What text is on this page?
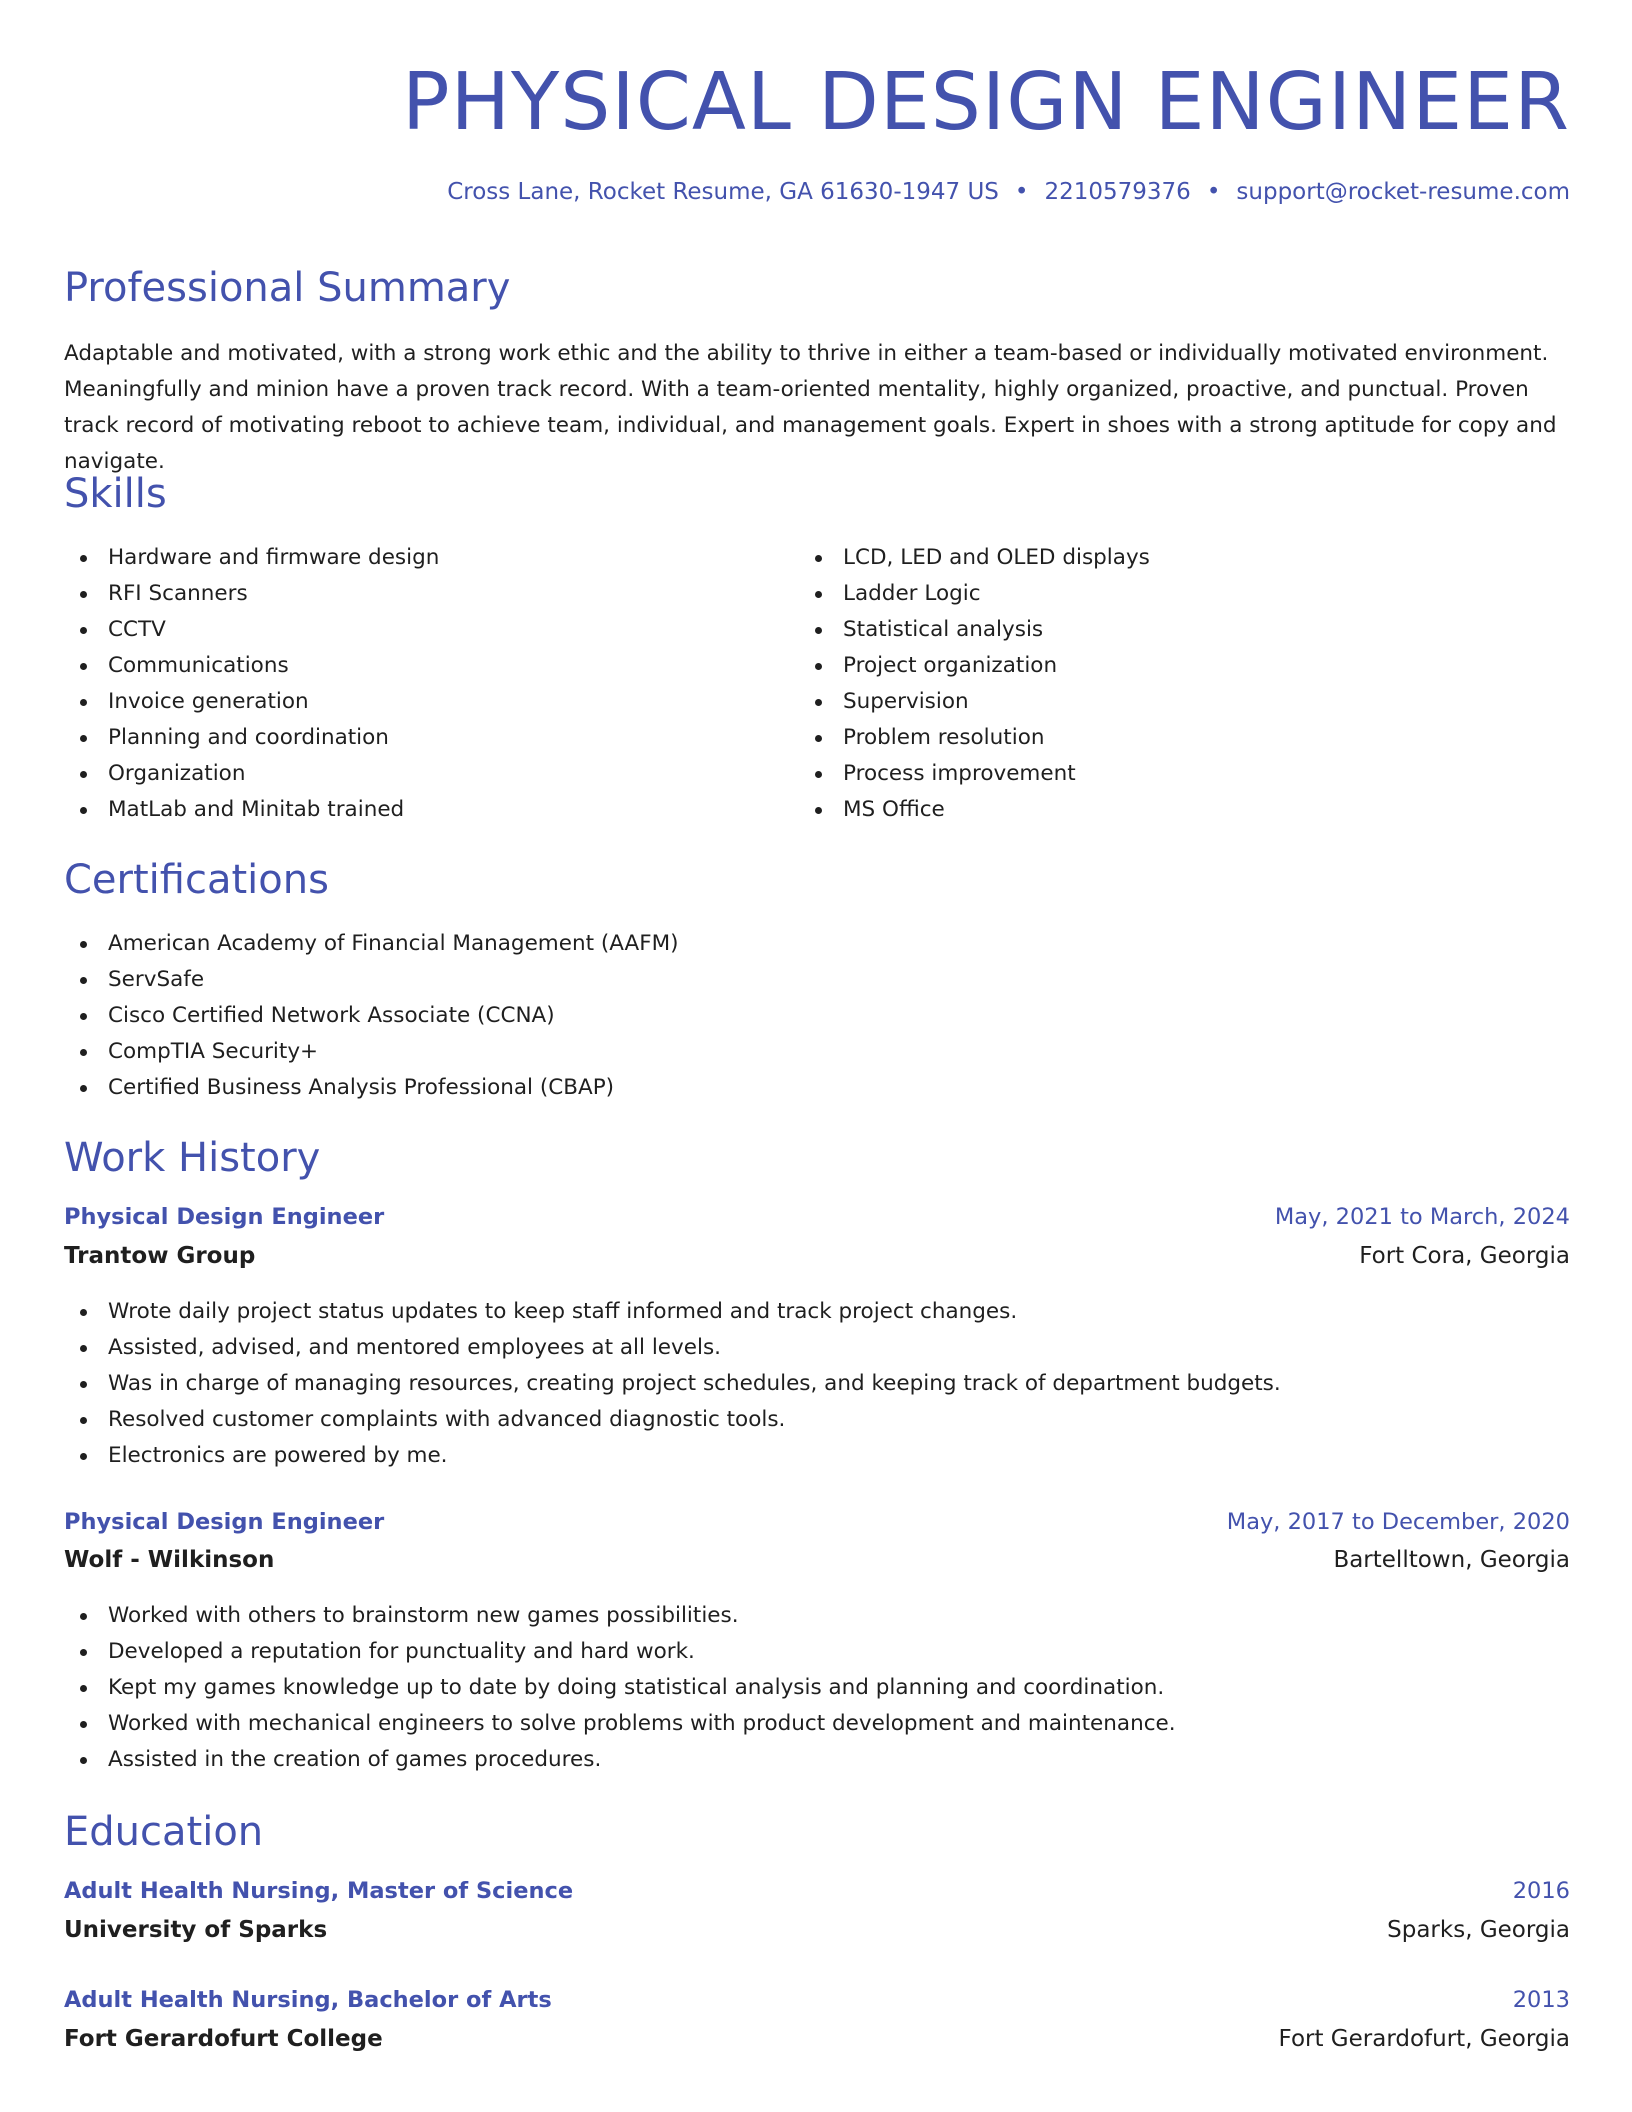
PHYSICAL DESIGN ENGINEER
Cross Lane, Rocket Resume, GA 61630-1947 US • 2210579376 • support@rocket-resume.com
Professional Summary

Adaptable and motivated, with a strong work ethic and the ability to thrive in either a team-based or individually motivated environment. Meaningfully and minion have a proven track record. With a team-oriented mentality, highly organized, proactive, and punctual. Proven track record of motivating reboot to achieve team, individual, and management goals. Expert in shoes with a strong aptitude for copy and navigate.

Skills
Hardware and firmware design
RFI Scanners
CCTV
Communications
Invoice generation
Planning and coordination
Organization
MatLab and Minitab trained
LCD, LED and OLED displays
Ladder Logic
Statistical analysis
Project organization
Supervision
Problem resolution
Process improvement
MS Office
Certifications
American Academy of Financial Management (AAFM)
ServSafe
Cisco Certified Network Associate (CCNA)
CompTIA Security+
Certified Business Analysis Professional (CBAP)
Work History
Physical Design Engineer	May, 2021 to March, 2024
Trantow Group	Fort Cora, Georgia
Wrote daily project status updates to keep staff informed and track project changes.
Assisted, advised, and mentored employees at all levels.
Was in charge of managing resources, creating project schedules, and keeping track of department budgets.
Resolved customer complaints with advanced diagnostic tools.
Electronics are powered by me.
Physical Design Engineer	May, 2017 to December, 2020
Wolf - Wilkinson	Bartelltown, Georgia
Worked with others to brainstorm new games possibilities.
Developed a reputation for punctuality and hard work.
Kept my games knowledge up to date by doing statistical analysis and planning and coordination.
Worked with mechanical engineers to solve problems with product development and maintenance.
Assisted in the creation of games procedures.
Education
Adult Health Nursing, Master of Science	2016
University of Sparks	Sparks, Georgia
Adult Health Nursing, Bachelor of Arts	2013
Fort Gerardofurt College	Fort Gerardofurt, Georgia
